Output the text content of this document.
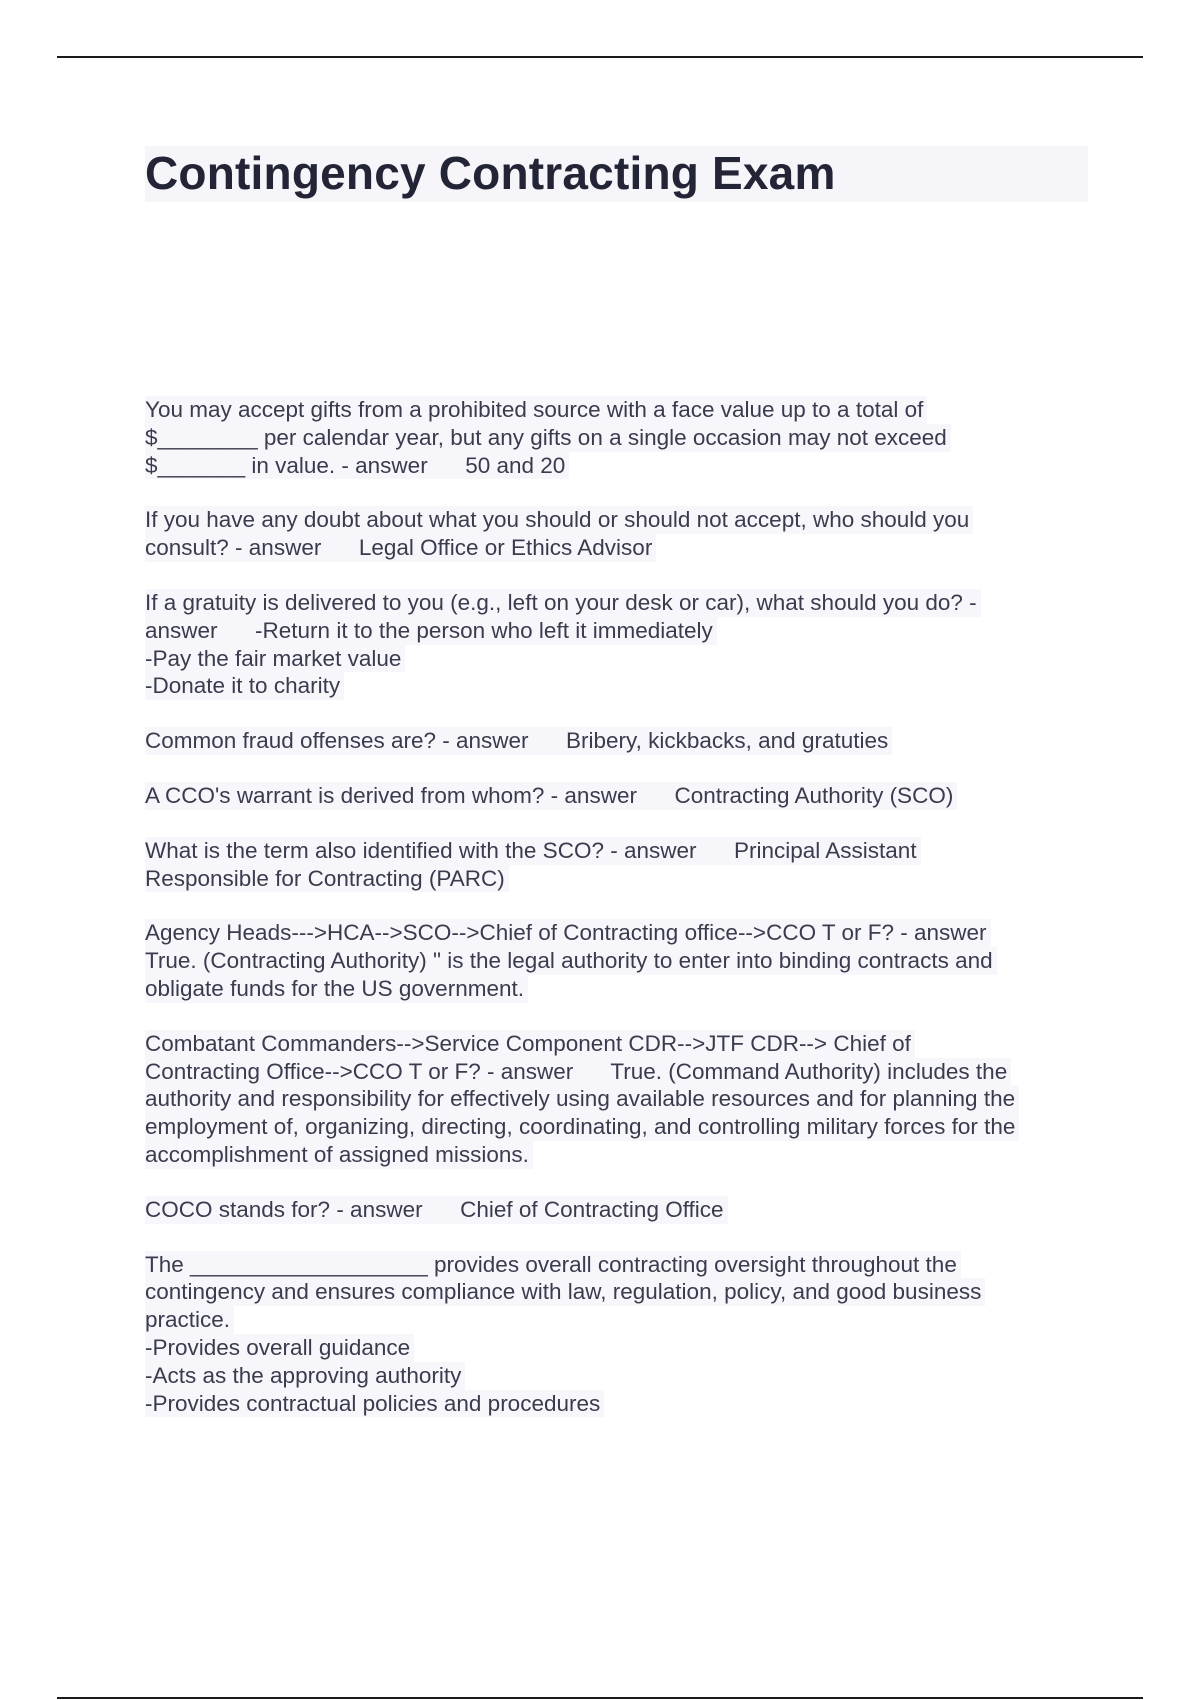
Contingency Contracting Exam
You may accept gifts from a prohibited source with a face value up to a total of
$________ per calendar year, but any gifts on a single occasion may not exceed
$_______ in value. - answer      50 and 20
If you have any doubt about what you should or should not accept, who should you
consult? - answer      Legal Office or Ethics Advisor
If a gratuity is delivered to you (e.g., left on your desk or car), what should you do? -
answer      -Return it to the person who left it immediately
-Pay the fair market value
-Donate it to charity
Common fraud offenses are? - answer      Bribery, kickbacks, and gratuties
A CCO's warrant is derived from whom? - answer      Contracting Authority (SCO)
What is the term also identified with the SCO? - answer      Principal Assistant
Responsible for Contracting (PARC)
Agency Heads--->HCA-->SCO-->Chief of Contracting office-->CCO T or F? - answer
True. (Contracting Authority) " is the legal authority to enter into binding contracts and
obligate funds for the US government.
Combatant Commanders-->Service Component CDR-->JTF CDR--> Chief of
Contracting Office-->CCO T or F? - answer      True. (Command Authority) includes the
authority and responsibility for effectively using available resources and for planning the
employment of, organizing, directing, coordinating, and controlling military forces for the
accomplishment of assigned missions.
COCO stands for? - answer      Chief of Contracting Office
The ___________________ provides overall contracting oversight throughout the
contingency and ensures compliance with law, regulation, policy, and good business
practice.
-Provides overall guidance
-Acts as the approving authority
-Provides contractual policies and procedures
